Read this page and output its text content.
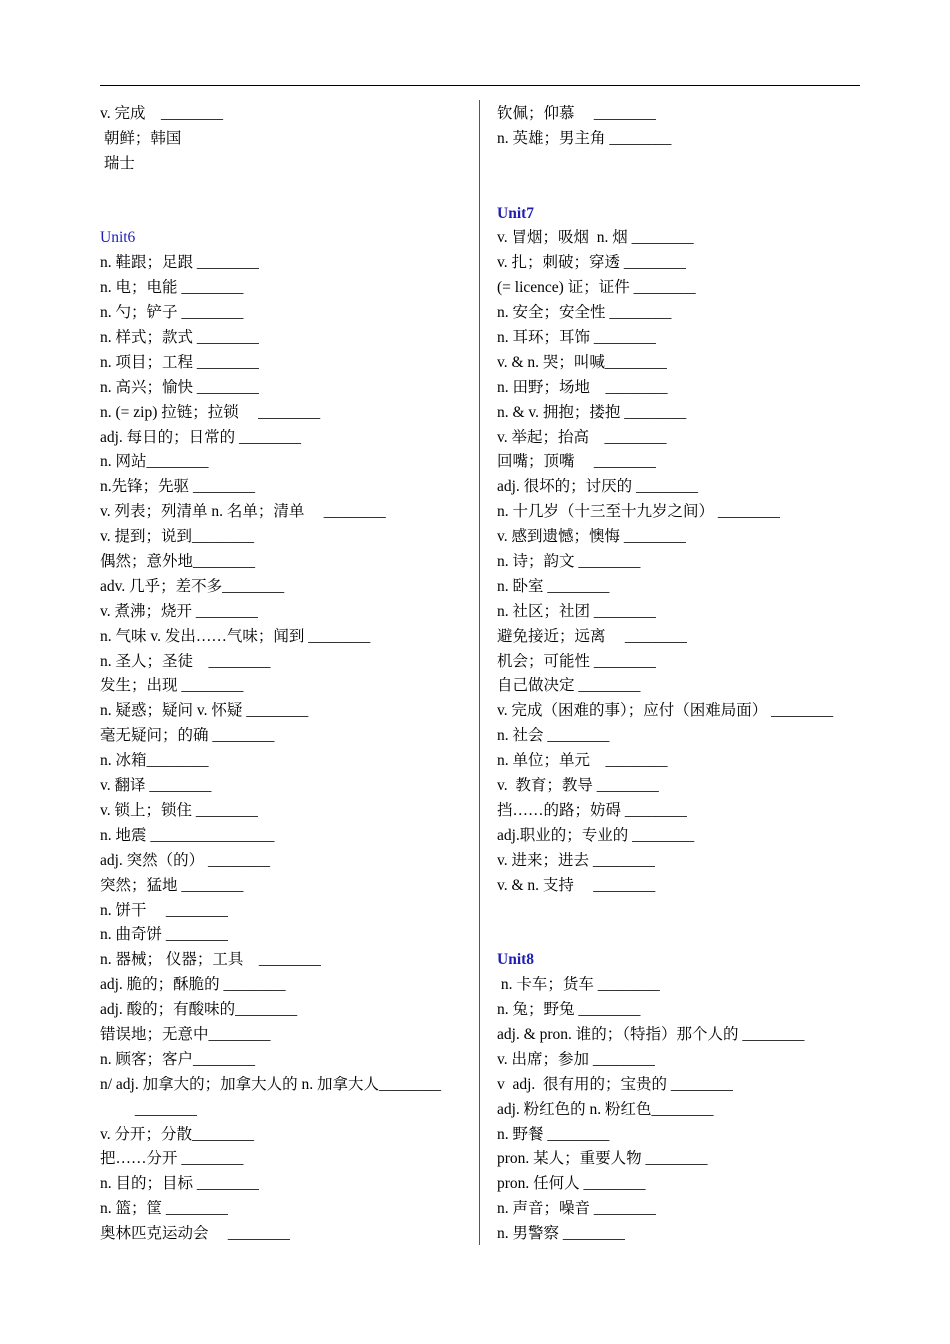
v. 完成　________
朝鲜；韩国
瑞士
Unit6
n. 鞋跟；足跟 ________
n. 电；电能 ________
n. 勺；铲子 ________
n. 样式；款式 ________
n. 项目；工程 ________
n. 高兴；愉快 ________
n. (= zip) 拉链；拉锁　 ________
adj. 每日的；日常的 ________
n. 网站________
n.先锋；先驱 ________
v. 列表；列清单 n. 名单；清单　 ________
v. 提到；说到________
偶然；意外地________
adv. 几乎；差不多________
v. 煮沸；烧开 ________
n. 气味 v. 发出……气味；闻到 ________
n. 圣人；圣徒　________
发生；出现 ________
n. 疑惑；疑问 v. 怀疑 ________
毫无疑问；的确 ________
n. 冰箱________
v. 翻译 ________
v. 锁上；锁住 ________
n. 地震 ________________
adj. 突然（的） ________
突然；猛地 ________
n. 饼干　 ________
n. 曲奇饼 ________
n. 器械； 仪器；工具　________
adj. 脆的；酥脆的 ________
adj. 酸的；有酸味的________
错误地；无意中________
n. 顾客；客户________
n/ adj. 加拿大的；加拿大人的 n. 加拿大人________
　　 ________
v. 分开；分散________
把……分开 ________
n. 目的；目标 ________
n. 篮；筐 ________
奥林匹克运动会　 ________
钦佩；仰慕　 ________
n. 英雄；男主角 ________
Unit7
v. 冒烟；吸烟  n. 烟 ________
v. 扎；刺破；穿透 ________
(= licence) 证；证件 ________
n. 安全；安全性 ________
n. 耳环；耳饰 ________
v. & n. 哭；叫喊________
n. 田野；场地　________
n. & v. 拥抱；搂抱 ________
v. 举起；抬高　________
回嘴；顶嘴　 ________
adj. 很坏的；讨厌的 ________
n. 十几岁（十三至十九岁之间） ________
v. 感到遗憾；懊悔 ________
n. 诗；韵文 ________
n. 卧室 ________
n. 社区；社团 ________
避免接近；远离　 ________
机会；可能性 ________
自己做决定 ________
v. 完成（困难的事）；应付（困难局面） ________
n. 社会 ________
n. 单位；单元　________
v.  教育；教导 ________
挡……的路；妨碍 ________
adj.职业的；专业的 ________
v. 进来；进去 ________
v. & n. 支持　 ________
Unit8
n. 卡车；货车 ________
n. 兔；野兔 ________
adj. & pron. 谁的；（特指）那个人的 ________
v. 出席；参加 ________
v  adj.  很有用的；宝贵的 ________
adj. 粉红色的 n. 粉红色________
n. 野餐 ________
pron. 某人；重要人物 ________
pron. 任何人 ________
n. 声音；噪音 ________
n. 男警察 ________
